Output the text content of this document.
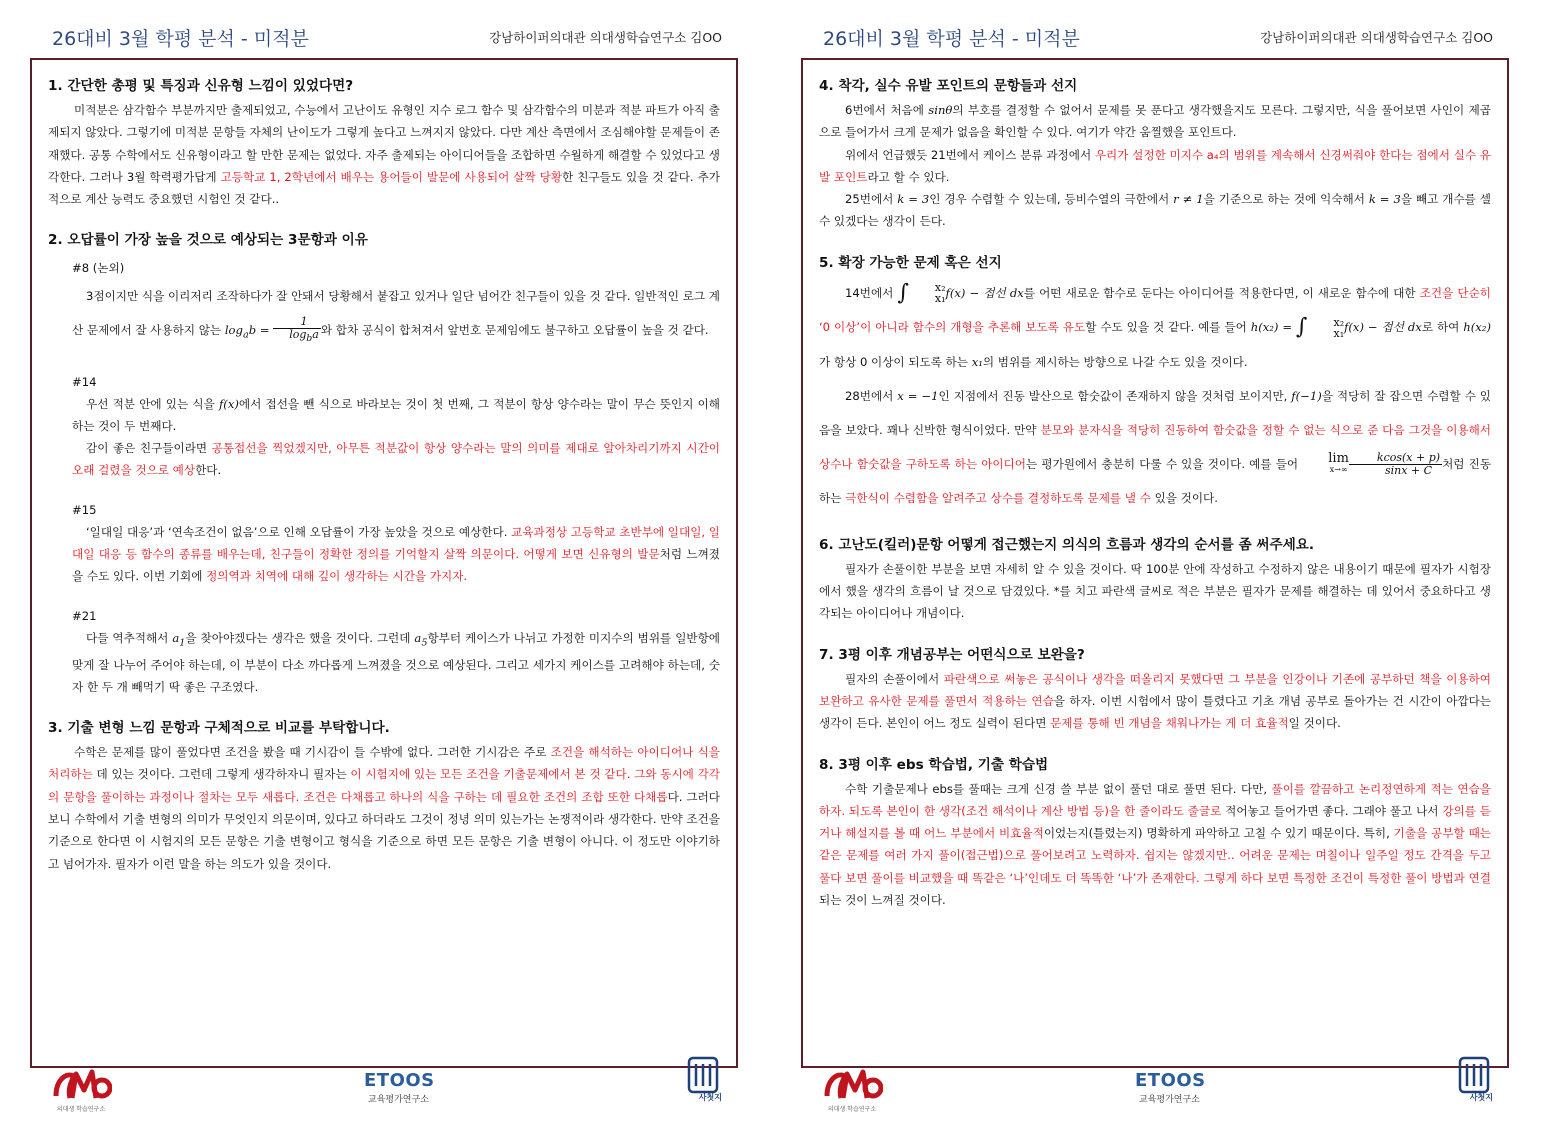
26대비 3월 학평 분석 - 미적분	강남하이퍼의대관 의대생학습연구소 김OO
1. 간단한 총평 및 특징과 신유형 느낌이 있었다면?

미적분은 삼각함수 부분까지만 출제되었고, 수능에서 고난이도 유형인 지수 로그 함수 및 삼각함수의 미분과 적분 파트가 아직 출제되지 않았다. 그렇기에 미적분 문항들 자체의 난이도가 그렇게 높다고 느껴지지 않았다. 다만 계산 측면에서 조심해야할 문제들이 존재했다. 공통 수학에서도 신유형이라고 할 만한 문제는 없었다. 자주 출제되는 아이디어들을 조합하면 수월하게 해결할 수 있었다고 생각한다. 그러나 3월 학력평가답게 고등학교 1, 2학년에서 배우는 용어들이 발문에 사용되어 살짝 당황한 친구들도 있을 것 같다. 추가적으로 계산 능력도 중요했던 시험인 것 같다..

2. 오답률이 가장 높을 것으로 예상되는 3문항과 이유
#8 (논외)

3점이지만 식을 이리저리 조작하다가 잘 안돼서 당황해서 붙잡고 있거나 일단 넘어간 친구들이 있을 것 같다. 일반적인 로그 계산 문제에서 잘 사용하지 않는 $\log_ab = \frac{1}{\log_ba}$ 와 합차 공식이 합쳐져서 앞번호 문제임에도 불구하고 오답률이 높을 것 같다.

#14

우선 적분 안에 있는 식을 f(x)에서 접선을 뺀 식으로 바라보는 것이 첫 번째, 그 적분이 항상 양수라는 말이 무슨 뜻인지 이해하는 것이 두 번째다.

감이 좋은 친구들이라면 공통접선을 찍었겠지만, 아무튼 적분값이 항상 양수라는 말의 의미를 제대로 알아차리기까지 시간이 오래 걸렸을 것으로 예상한다.

#15

‘일대일 대응’과 ‘연속조건이 없음’으로 인해 오답률이 가장 높았을 것으로 예상한다. 교육과정상 고등학교 초반부에 일대일, 일대일 대응 등 함수의 종류를 배우는데, 친구들이 정확한 정의를 기억할지 살짝 의문이다. 어떻게 보면 신유형의 발문처럼 느껴졌을 수도 있다. 이번 기회에 정의역과 치역에 대해 깊이 생각하는 시간을 가지자.

#21

다들 역추적해서 $a_1$을 찾아야겠다는 생각은 했을 것이다. 그런데 $a_5$항부터 케이스가 나뉘고 가정한 미지수의 범위를 일반항에 맞게 잘 나누어 주어야 하는데, 이 부분이 다소 까다롭게 느껴졌을 것으로 예상된다. 그리고 세가지 케이스를 고려해야 하는데, 숫자 한 두 개 빼먹기 딱 좋은 구조였다.

3. 기출 변형 느낌 문항과 구체적으로 비교를 부탁합니다.

수학은 문제를 많이 풀었다면 조건을 봤을 때 기시감이 들 수밖에 없다. 그러한 기시감은 주로 조건을 해석하는 아이디어나 식을 처리하는 데 있는 것이다. 그런데 그렇게 생각하자니 필자는 이 시험지에 있는 모든 조건을 기출문제에서 본 것 같다. 그와 동시에 각각의 문항을 풀이하는 과정이나 절차는 모두 새롭다. 조건은 다채롭고 하나의 식을 구하는 데 필요한 조건의 조합 또한 다채롭다. 그러다 보니 수학에서 기출 변형의 의미가 무엇인지 의문이며, 있다고 하더라도 그것이 정녕 의미 있는가는 논쟁적이라 생각한다. 만약 조건을 기준으로 한다면 이 시험지의 모든 문항은 기출 변형이고 형식을 기준으로 하면 모든 문항은 기출 변형이 아니다. 이 정도만 이야기하고 넘어가자. 필자가 이런 말을 하는 의도가 있을 것이다.

의대생 학습연구소
ETOOS
교육평가연구소	사첫지
26대비 3월 학평 분석 - 미적분	강남하이퍼의대관 의대생학습연구소 김OO
4. 착각, 실수 유발 포인트의 문항들과 선지

6번에서 처음에 sinθ의 부호를 결정할 수 없어서 문제를 못 푼다고 생각했을지도 모른다. 그렇지만, 식을 풀어보면 사인이 제곱으로 들어가서 크게 문제가 없음을 확인할 수 있다. 여기가 약간 움찔했을 포인트다.

위에서 언급했듯 21번에서 케이스 분류 과정에서 우리가 설정한 미지수 a₄의 범위를 계속해서 신경써줘야 한다는 점에서 실수 유발 포인트라고 할 수 있다.

25번에서 k = 3인 경우 수렴할 수 있는데, 등비수열의 극한에서 r ≠ 1을 기준으로 하는 것에 익숙해서 k = 3을 빼고 개수를 셀 수 있겠다는 생각이 든다.

5. 확장 가능한 문제 혹은 선지

14번에서 ∫	x₂
x₁ f(x) − 접선 dx를 어떤 새로운 함수로 둔다는 아이디어를 적용한다면, 이 새로운 함수에 대한 조건을 단순히 ‘0 이상’이 아니라 함수의 개형을 추론해 보도록 유도할 수도 있을 것 같다. 예를 들어 h(x₂) = ∫	x₂
x₁ f(x) − 접선 dx로 하여 h(x₂)가 항상 0 이상이 되도록 하는 x₁의 범위를 제시하는 방향으로 나갈 수도 있을 것이다.

28번에서 x = −1인 지점에서 진동 발산으로 함숫값이 존재하지 않을 것처럼 보이지만, f(−1)을 적당히 잘 잡으면 수렴할 수 있음을 보았다. 꽤나 신박한 형식이었다. 만약 분모와 분자식을 적당히 진동하여 함숫값을 정할 수 없는 식으로 준 다음 그것을 이용해서 상수나 함숫값을 구하도록 하는 아이디어는 평가원에서 충분히 다룰 수 있을 것이다. 예를 들어	lim
$x\to\infty \frac{kcos(x + p)}{\sin x + C}$ 처럼 진동하는 극한식이 수렴함을 알려주고 상수를 결정하도록 문제를 낼 수 있을 것이다.

6. 고난도(킬러)문항 어떻게 접근했는지 의식의 흐름과 생각의 순서를 좀 써주세요.

필자가 손풀이한 부분을 보면 자세히 알 수 있을 것이다. 딱 100분 안에 작성하고 수정하지 않은 내용이기 때문에 필자가 시험장에서 했을 생각의 흐름이 날 것으로 담겼있다. *를 치고 파란색 글씨로 적은 부분은 필자가 문제를 해결하는 데 있어서 중요하다고 생각되는 아이디어나 개념이다.

7. 3평 이후 개념공부는 어떤식으로 보완을?

필자의 손풀이에서 파란색으로 써놓은 공식이나 생각을 떠올리지 못했다면 그 부분을 인강이나 기존에 공부하던 책을 이용하여 보완하고 유사한 문제를 풀면서 적용하는 연습을 하자. 이번 시험에서 많이 틀렸다고 기초 개념 공부로 돌아가는 건 시간이 아깝다는 생각이 든다. 본인이 어느 정도 실력이 된다면 문제를 통해 빈 개념을 채워나가는 게 더 효율적일 것이다.

8. 3평 이후 ebs 학습법, 기출 학습법

수학 기출문제나 ebs를 풀때는 크게 신경 쓸 부분 없이 풀던 대로 풀면 된다. 다만, 풀이를 깔끔하고 논리정연하게 적는 연습을 하자. 되도록 본인이 한 생각(조건 해석이나 계산 방법 등)을 한 줄이라도 줄글로 적어놓고 들어가면 좋다. 그래야 풀고 나서 강의를 듣거나 해설지를 볼 때 어느 부분에서 비효율적이었는지(틀렸는지) 명확하게 파악하고 고칠 수 있기 때문이다. 특히, 기출을 공부할 때는 같은 문제를 여러 가지 풀이(접근법)으로 풀어보려고 노력하자. 쉽지는 않겠지만.. 어려운 문제는 며칠이나 일주일 정도 간격을 두고 풀다 보면 풀이를 비교했을 때 똑같은 ‘나’인데도 더 똑똑한 ‘나’가 존재한다. 그렇게 하다 보면 특정한 조건이 특정한 풀이 방법과 연결되는 것이 느껴질 것이다.

의대생 학습연구소
ETOOS
교육평가연구소	사첫지
